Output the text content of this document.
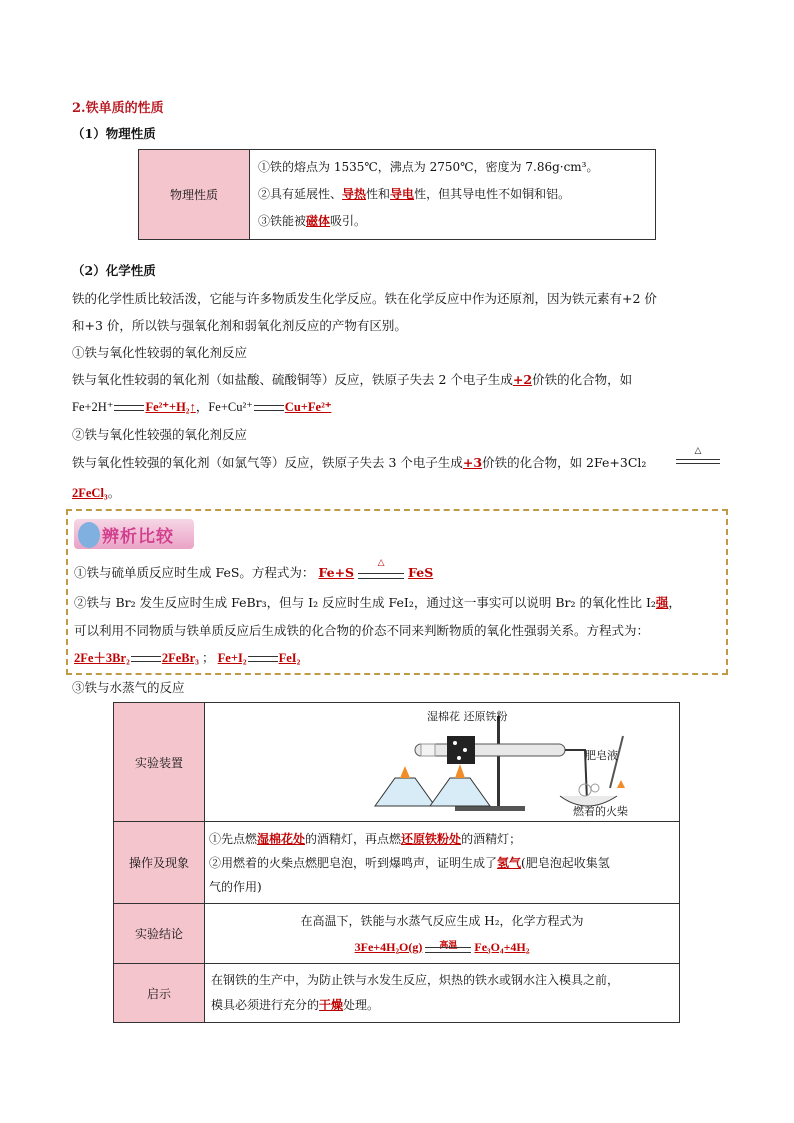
2.铁单质的性质
（1）物理性质
物理性质	
①铁的熔点为 1535℃，沸点为 2750℃，密度为 7.86g·cm³。
②具有延展性、导热性和导电性，但其导电性不如铜和铝。
③铁能被磁体吸引。
（2）化学性质
铁的化学性质比较活泼，它能与许多物质发生化学反应。铁在化学反应中作为还原剂，因为铁元素有+2 价
和+3 价，所以铁与强氧化剂和弱氧化剂反应的产物有区别。
①铁与氧化性较弱的氧化剂反应
铁与氧化性较弱的氧化剂（如盐酸、硫酸铜等）反应，铁原子失去 2 个电子生成+2价铁的化合物，如
Fe+2H⁺	Fe²⁺+H₂↑，Fe+Cu²⁺	Cu+Fe²⁺
②铁与氧化性较强的氧化剂反应
铁与氧化性较强的氧化剂（如氯气等）反应，铁原子失去 3 个电子生成+3价铁的化合物，如 2Fe+3Cl₂
△
2FeCl₃。
辨析比较
①铁与硫单质反应时生成 FeS。方程式为： Fe+S
△
FeS
②铁与 Br₂ 发生反应时生成 FeBr₃，但与 I₂ 反应时生成 FeI₂，通过这一事实可以说明 Br₂ 的氧化性比 I₂强，
可以利用不同物质与铁单质反应后生成铁的化合物的价态不同来判断物质的氧化性强弱关系。方程式为：
2Fe＋3Br₂	2FeBr₃ ； Fe+I₂	FeI₂
③铁与水蒸气的反应
实验装置	湿棉花 还原铁粉
肥皂液
燃着的火柴

操作及现象	①先点燃湿棉花处的酒精灯，再点燃还原铁粉处的酒精灯；
②用燃着的火柴点燃肥皂泡，听到爆鸣声，证明生成了氢气(肥皂泡起收集氢
气的作用)

实验结论	在高温下，铁能与水蒸气反应生成 H₂，化学方程式为
3Fe+4H₂O(g) 高温 Fe₃O₄+4H₂

启示	在钢铁的生产中，为防止铁与水发生反应，炽热的铁水或钢水注入模具之前，
模具必须进行充分的干燥处理。
